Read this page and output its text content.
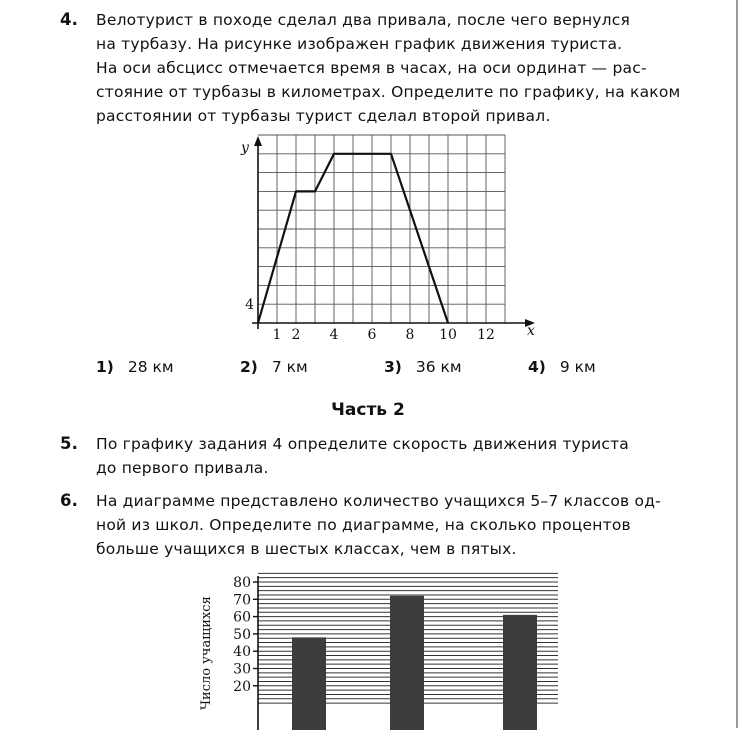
4. Велотурист в походе сделал два привала, после чего вернулся
на турбазу. На рисунке изображен график движения туриста.
На оси абсцисс отмечается время в часах, на оси ординат — рас-
стояние от турбазы в километрах. Определите по графику, на каком
расстоянии от турбазы турист сделал второй привал.
1 2 4 6 8 10 12
4
x
y
1) 28 км	2) 7 км	3) 36 км	4) 9 км
Часть 2
5. По графику задания 4 определите скорость движения туриста
до первого привала.
6. На диаграмме представлено количество учащихся 5–7 классов од-
ной из школ. Определите по диаграмме, на сколько процентов
больше учащихся в шестых классах, чем в пятых.
80
70
60
50
40
30
20
Число учащихся
